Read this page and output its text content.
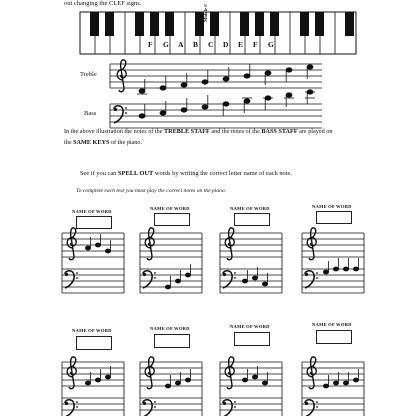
out changing the CLEF signs.
F G A B C D E F G
Middle C
Treble
Bass
In the above illustration the notes of the TREBLE STAFF and the notes of the BASS STAFF are played on
the SAME KEYS of the piano.
See if you can SPELL OUT words by writing the correct letter name of each note.
To complete each test you must play the correct notes on the piano.
NAME OF WORD
NAME OF WORD	NAME OF WORD	NAME OF WORD
NAME OF WORD	NAME OF WORD	NAME OF WORD	NAME OF WORD
